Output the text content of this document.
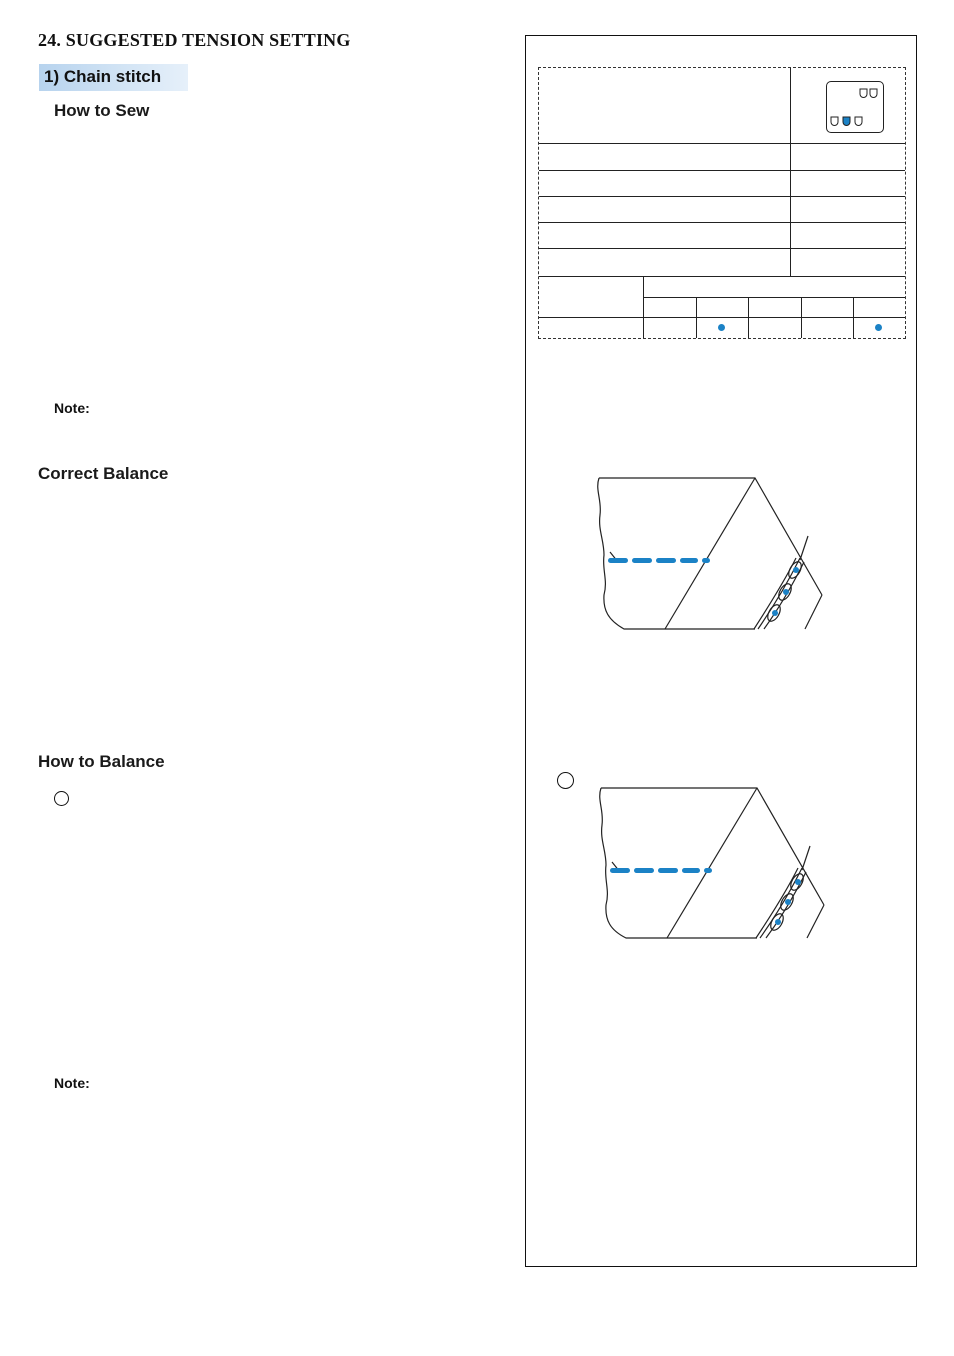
24. SUGGESTED TENSION SETTING
1) Chain stitch
How to Sew
Note:
Correct Balance
How to Balance
Note:
